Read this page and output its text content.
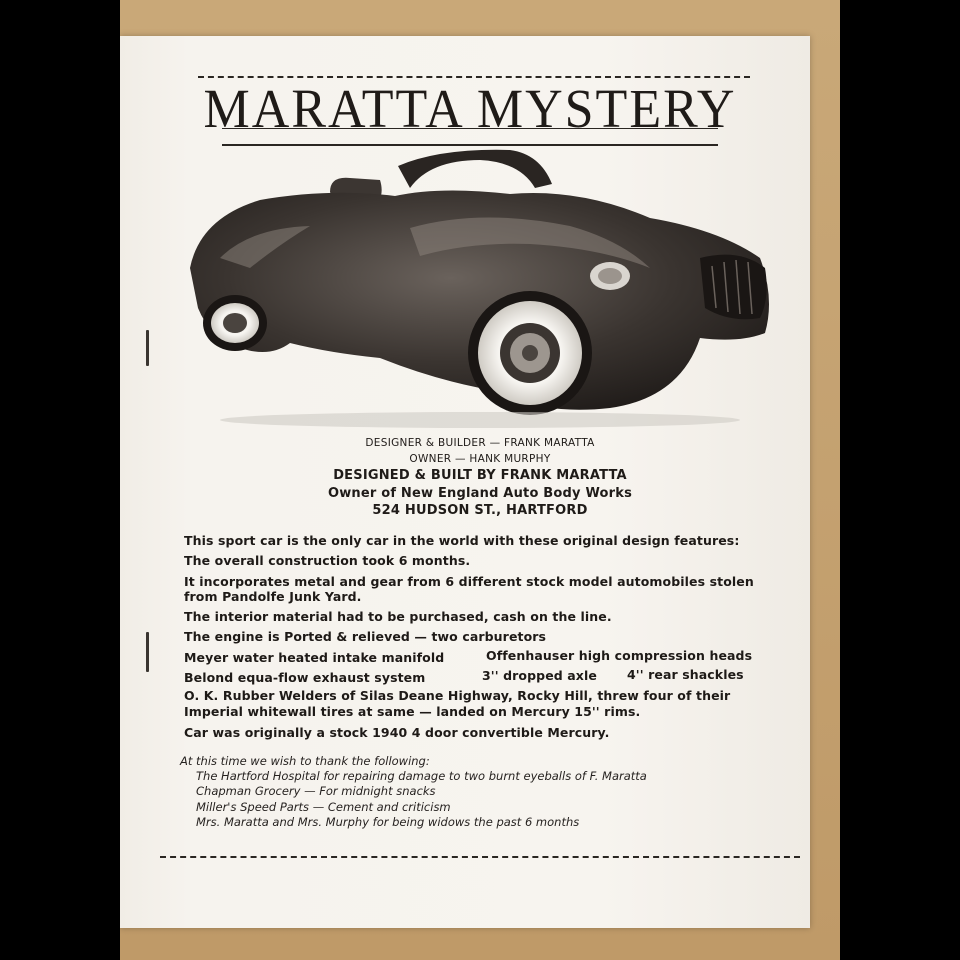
MARATTA MYSTERY
DESIGNER & BUILDER — FRANK MARATTA
OWNER — HANK MURPHY
DESIGNED & BUILT BY FRANK MARATTA
Owner of New England Auto Body Works
524 HUDSON ST., HARTFORD
This sport car is the only car in the world with these original design features:
The overall construction took 6 months.
It incorporates metal and gear from 6 different stock model automobiles stolen
from Pandolfe Junk Yard.
The interior material had to be purchased, cash on the line.
The engine is Ported & relieved — two carburetors
Meyer water heated intake manifold	Offenhauser high compression heads
Belond equa-flow exhaust system	3'' dropped axle 4'' rear shackles
O. K. Rubber Welders of Silas Deane Highway, Rocky Hill, threw four of their
Imperial whitewall tires at same — landed on Mercury 15'' rims.
Car was originally a stock 1940 4 door convertible Mercury.
At this time we wish to thank the following:
The Hartford Hospital for repairing damage to two burnt eyeballs of F. Maratta
Chapman Grocery — For midnight snacks
Miller's Speed Parts — Cement and criticism
Mrs. Maratta and Mrs. Murphy for being widows the past 6 months
